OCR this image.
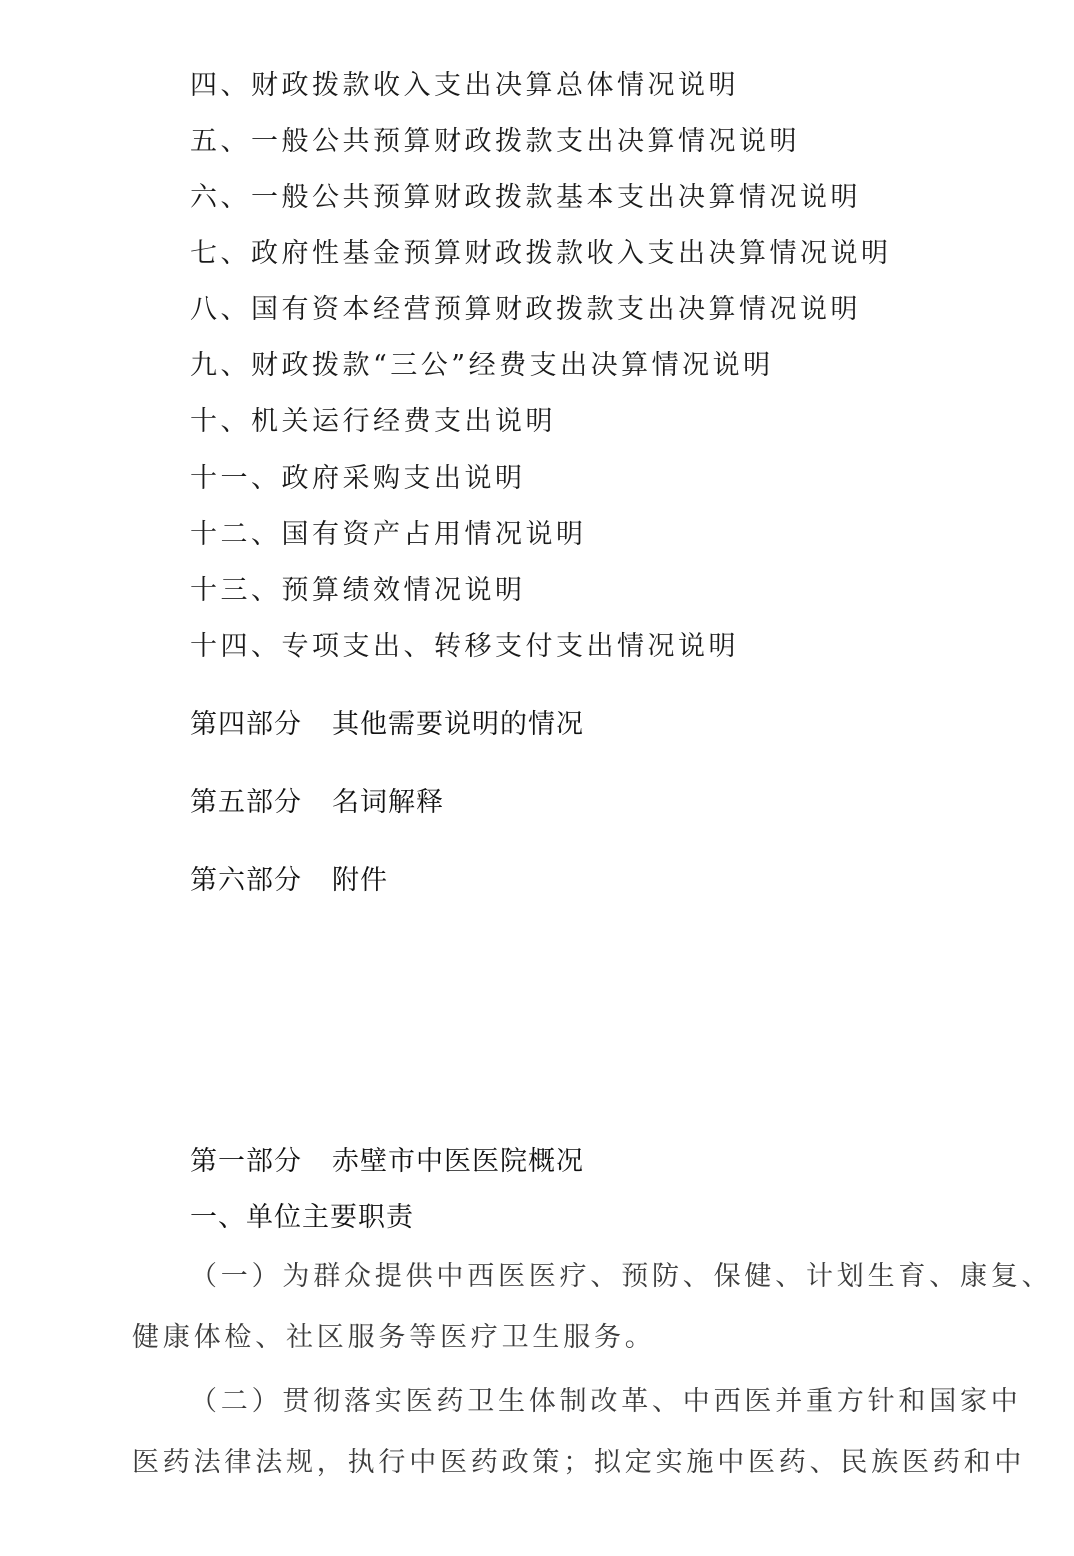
四、财政拨款收入支出决算总体情况说明
五、一般公共预算财政拨款支出决算情况说明
六、一般公共预算财政拨款基本支出决算情况说明
七、政府性基金预算财政拨款收入支出决算情况说明
八、国有资本经营预算财政拨款支出决算情况说明
九、财政拨款“三公”经费支出决算情况说明
十、机关运行经费支出说明
十一、政府采购支出说明
十二、国有资产占用情况说明
十三、预算绩效情况说明
十四、专项支出、转移支付支出情况说明
第四部分 其他需要说明的情况
第五部分 名词解释
第六部分 附件
第一部分 赤壁市中医医院概况
一、单位主要职责
（一）为群众提供中西医医疗、预防、保健、计划生育、康复、
健康体检、社区服务等医疗卫生服务。
（二）贯彻落实医药卫生体制改革、中西医并重方针和国家中
医药法律法规，执行中医药政策；拟定实施中医药、民族医药和中
